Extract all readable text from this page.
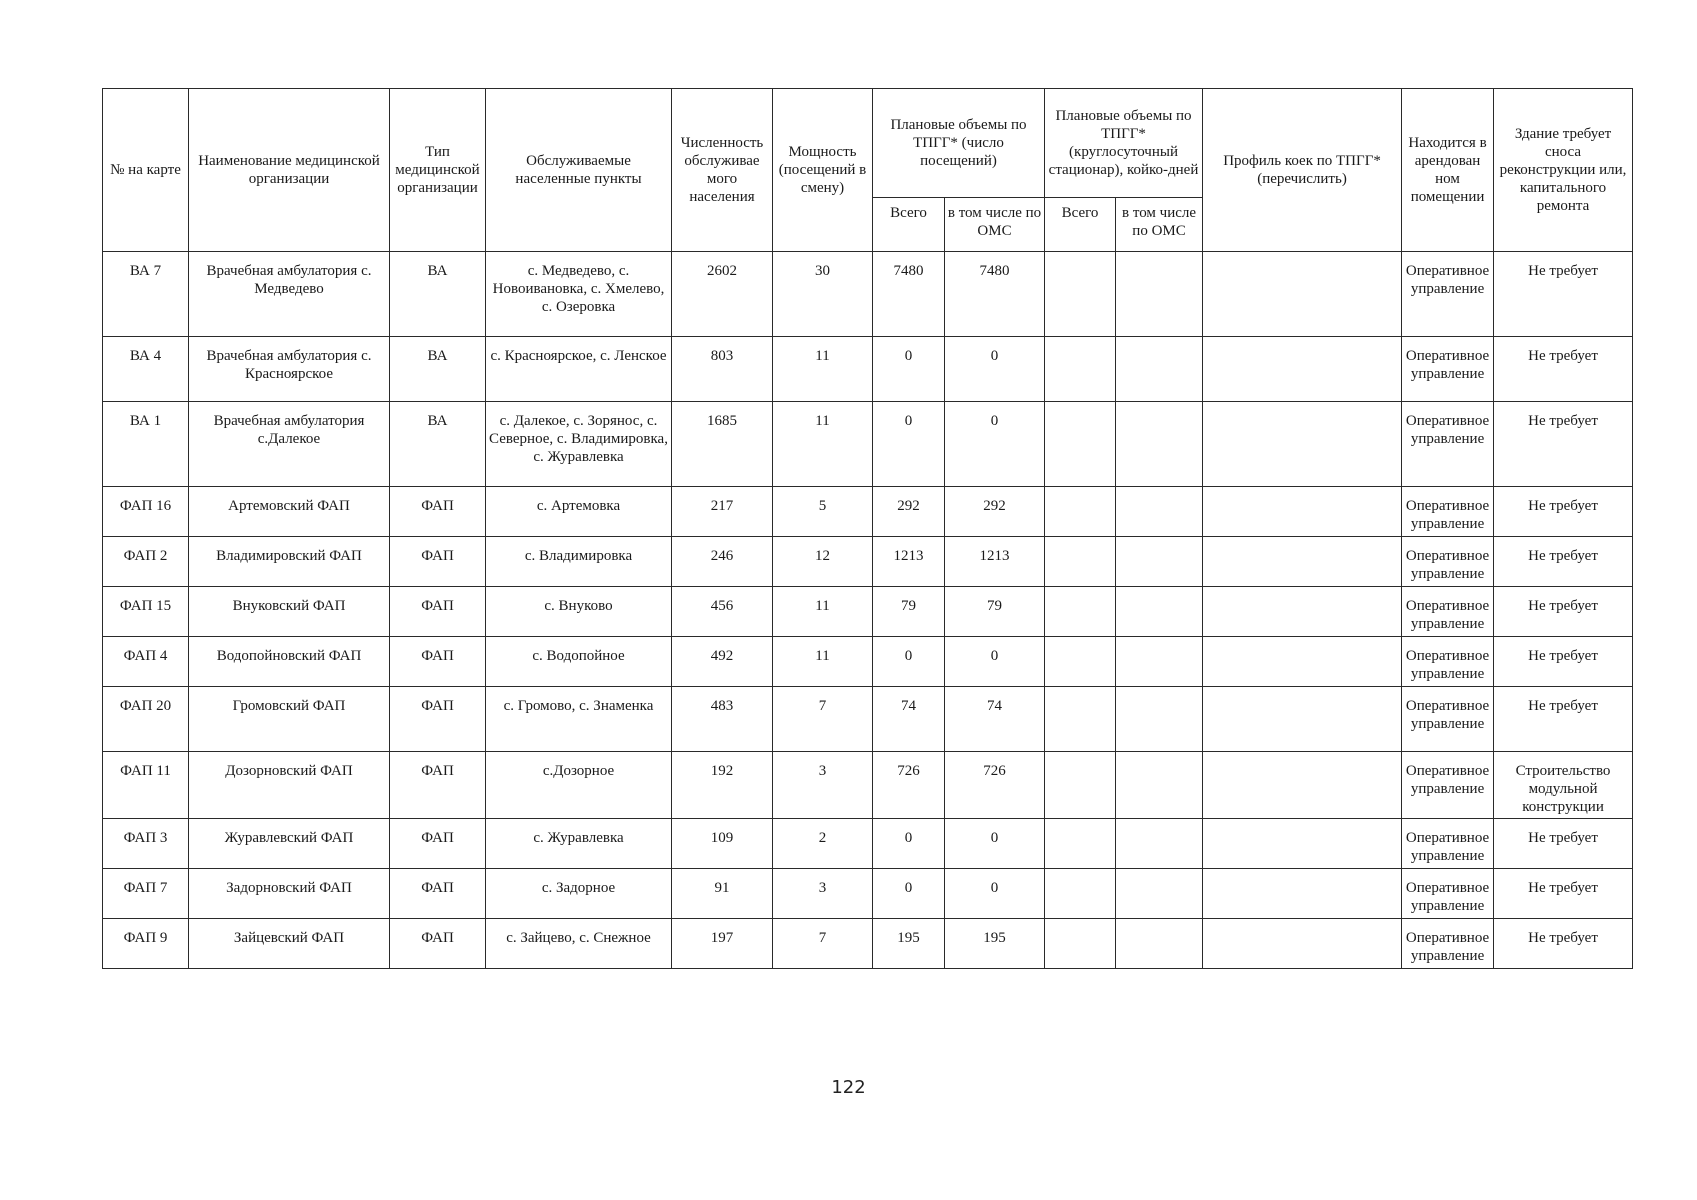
№ на карте	Наименование медицинской организации	Тип медицинской организации	Обслуживаемые населенные пункты	Численность обслуживае мого населения	Мощность (посещений в смену)	Плановые объемы по ТПГГ* (число посещений)		Плановые объемы по ТПГГ* (круглосуточный стационар), койко-дней		Профиль коек по ТПГГ* (перечислить)	Находится в арендован ном помещении	Здание требует сноса реконструкции или, капитального ремонта
						Всего	в том числе по ОМС	Всего	в том числе по ОМС			
ВА 7	Врачебная амбулатория с. Медведево	ВА	с. Медведево, с. Новоивановка, с. Хмелево, с. Озеровка	2602	30	7480	7480				Оперативное управление	Не требует
ВА 4	Врачебная амбулатория с. Красноярское	ВА	с. Красноярское, с. Ленское	803	11	0	0				Оперативное управление	Не требует
ВА 1	Врачебная амбулатория с.Далекое	ВА	с. Далекое, с. Зорянос, с. Северное, с. Владимировка, с. Журавлевка	1685	11	0	0				Оперативное управление	Не требует
ФАП 16	Артемовский ФАП	ФАП	с. Артемовка	217	5	292	292				Оперативное управление	Не требует
ФАП 2	Владимировский ФАП	ФАП	с. Владимировка	246	12	1213	1213				Оперативное управление	Не требует
ФАП 15	Внуковский ФАП	ФАП	с. Внуково	456	11	79	79				Оперативное управление	Не требует
ФАП 4	Водопойновский ФАП	ФАП	с. Водопойное	492	11	0	0				Оперативное управление	Не требует
ФАП 20	Громовский ФАП	ФАП	с. Громово, с. Знаменка	483	7	74	74				Оперативное управление	Не требует
ФАП 11	Дозорновский ФАП	ФАП	с.Дозорное	192	3	726	726				Оперативное управление	Строительство модульной конструкции
ФАП 3	Журавлевский ФАП	ФАП	с. Журавлевка	109	2	0	0				Оперативное управление	Не требует
ФАП 7	Задорновский ФАП	ФАП	с. Задорное	91	3	0	0				Оперативное управление	Не требует
ФАП 9	Зайцевский ФАП	ФАП	с. Зайцево, с. Снежное	197	7	195	195				Оперативное управление	Не требует
122
